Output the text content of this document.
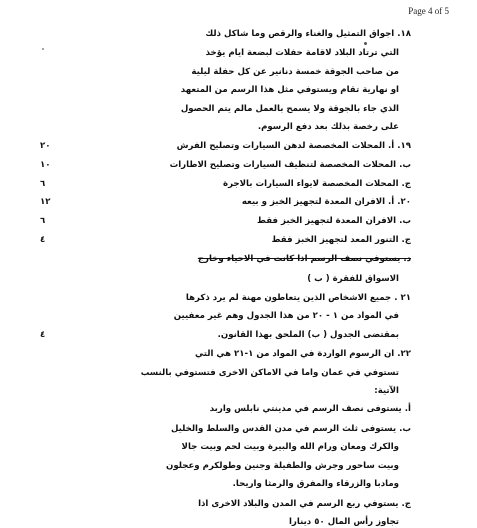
Page 4 of 5
١٨. اجواق التمثيل والغناء والرقص وما شاكل ذلك
التي ترتاد البلاد لاقامة حفلات لبضعة ايام يؤخذ
من صاحب الجوقة خمسة دنانير عن كل حفلة ليلية
او نهارية تقام ويستوفي مثل هذا الرسم من المتعهد
الذي جاء بالجوقة ولا يسمح بالعمل مالم يتم الحصول
على رخصة بذلك بعد دفع الرسوم.
١٩. أ. المحلات المخصصة لدهن السيارات وتصليح الفرش
٢٠
ب. المحلات المخصصة لتنظيف السيارات وتصليح الاطارات
١٠
ج. المحلات المخصصة لايواء السيارات بالاجرة
٦
٢٠. أ. الافران المعدة لتجهيز الخبز و بيعه
١٢
ب. الافران المعدة لتجهيز الخبز فقط
٦
ج. التنور المعد لتجهيز الخبز فقط
٤
د. يستوفي نصف الرسم اذا كانت في الاحياء وخارج
الاسواق للفقرة ( ب )
٢١ . جميع الاشخاص الذين يتعاطون مهنة لم يرد ذكرها
في المواد من ١ - ٢٠ من هذا الجدول وهم غير معفيين
بمقتضى الجدول ( ب) الملحق بهذا القانون.
٤
٢٢. ان الرسوم الواردة في المواد من ١-٢١ هي التي
تستوفي في عمان واما في الاماكن الاخرى فتستوفي بالنسب
الآتية:
أ. يستوفى نصف الرسم في مدينتي نابلس واربد
ب. يستوفى ثلث الرسم في مدن القدس والسلط والخليل
والكرك ومعان ورام الله والبيرة وبيت لحم وبيت جالا
وبيت ساحور وجرش والطفيلة وجنين وطولكرم وعجلون
ومادبا والزرقاء والمفرق والرمثا واريحا.
ج. يستوفي ربع الرسم في المدن والبلاد الاخرى اذا
تجاوز رأس المال ٥٠ دينارا
